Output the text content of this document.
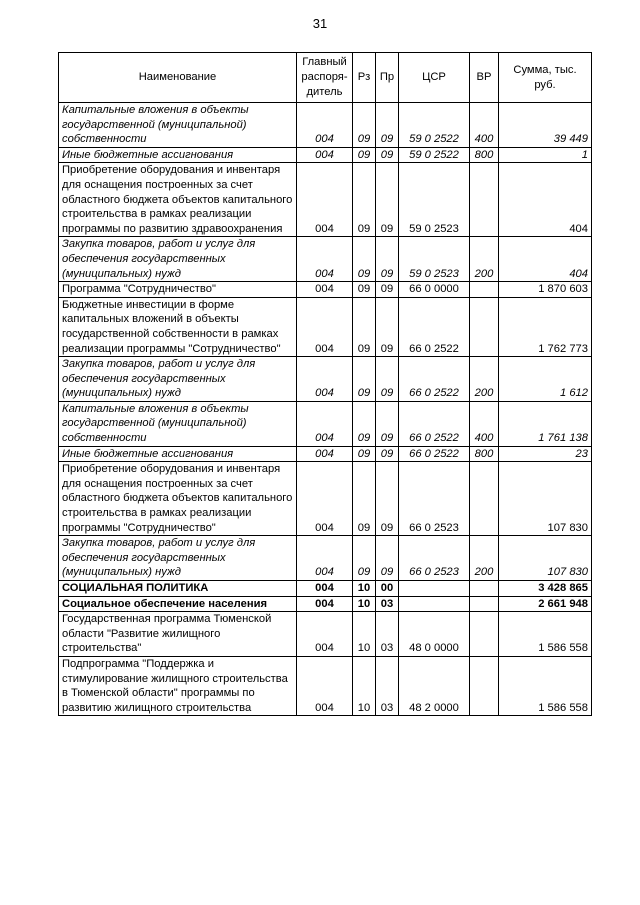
31
Наименование	Главный распоря-дитель	Рз	Пр	ЦСР	ВР	Сумма, тыс. руб.
Капитальные вложения в объекты государственной (муниципальной) собственности	004	09	09	59 0 2522	400	39 449
Иные бюджетные ассигнования	004	09	09	59 0 2522	800	1
Приобретение оборудования и инвентаря для оснащения построенных за счет областного бюджета объектов капитального строительства в рамках реализации программы по развитию здравоохранения	004	09	09	59 0 2523		404
Закупка товаров, работ и услуг для обеспечения государственных (муниципальных) нужд	004	09	09	59 0 2523	200	404
Программа "Сотрудничество"	004	09	09	66 0 0000		1 870 603
Бюджетные инвестиции в форме капитальных вложений в объекты государственной собственности в рамках реализации программы "Сотрудничество"	004	09	09	66 0 2522		1 762 773
Закупка товаров, работ и услуг для обеспечения государственных (муниципальных) нужд	004	09	09	66 0 2522	200	1 612
Капитальные вложения в объекты государственной (муниципальной) собственности	004	09	09	66 0 2522	400	1 761 138
Иные бюджетные ассигнования	004	09	09	66 0 2522	800	23
Приобретение оборудования и инвентаря для оснащения построенных за счет областного бюджета объектов капитального строительства в рамках реализации программы "Сотрудничество"	004	09	09	66 0 2523		107 830
Закупка товаров, работ и услуг для обеспечения государственных (муниципальных) нужд	004	09	09	66 0 2523	200	107 830
СОЦИАЛЬНАЯ ПОЛИТИКА	004	10	00			3 428 865
Социальное обеспечение населения	004	10	03			2 661 948
Государственная программа Тюменской области "Развитие жилищного строительства"	004	10	03	48 0 0000		1 586 558
Подпрограмма "Поддержка и стимулирование жилищного строительства в Тюменской области" программы по развитию жилищного строительства	004	10	03	48 2 0000		1 586 558
